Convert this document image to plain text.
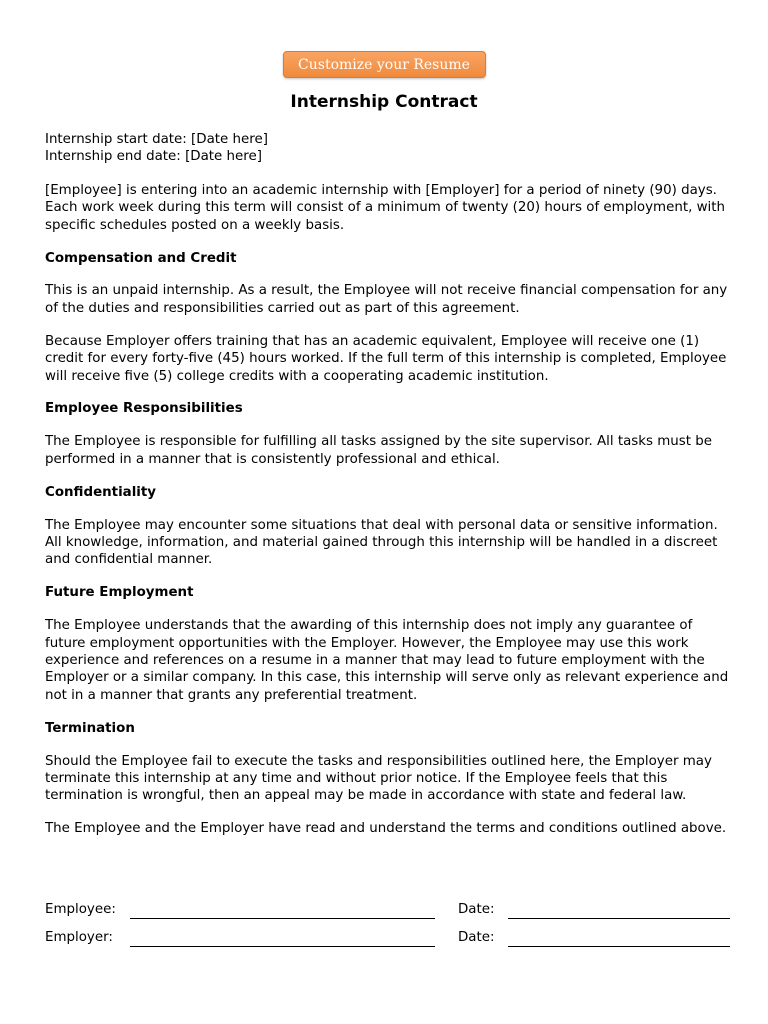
Customize your Resume
Internship Contract

Internship start date: [Date here]

Internship end date: [Date here]

[Employee] is entering into an academic internship with [Employer] for a period of ninety (90) days. Each work week during this term will consist of a minimum of twenty (20) hours of employment, with specific schedules posted on a weekly basis.

Compensation and Credit

This is an unpaid internship. As a result, the Employee will not receive financial compensation for any of the duties and responsibilities carried out as part of this agreement.

Because Employer offers training that has an academic equivalent, Employee will receive one (1) credit for every forty-five (45) hours worked. If the full term of this internship is completed, Employee will receive five (5) college credits with a cooperating academic institution.

Employee Responsibilities

The Employee is responsible for fulfilling all tasks assigned by the site supervisor. All tasks must be performed in a manner that is consistently professional and ethical.

Confidentiality

The Employee may encounter some situations that deal with personal data or sensitive information. All knowledge, information, and material gained through this internship will be handled in a discreet and confidential manner.

Future Employment

The Employee understands that the awarding of this internship does not imply any guarantee of future employment opportunities with the Employer. However, the Employee may use this work experience and references on a resume in a manner that may lead to future employment with the Employer or a similar company. In this case, this internship will serve only as relevant experience and not in a manner that grants any preferential treatment.

Termination

Should the Employee fail to execute the tasks and responsibilities outlined here, the Employer may terminate this internship at any time and without prior notice. If the Employee feels that this termination is wrongful, then an appeal may be made in accordance with state and federal law.

The Employee and the Employer have read and understand the terms and conditions outlined above.

Employee:	Date:
Employer:	Date:
